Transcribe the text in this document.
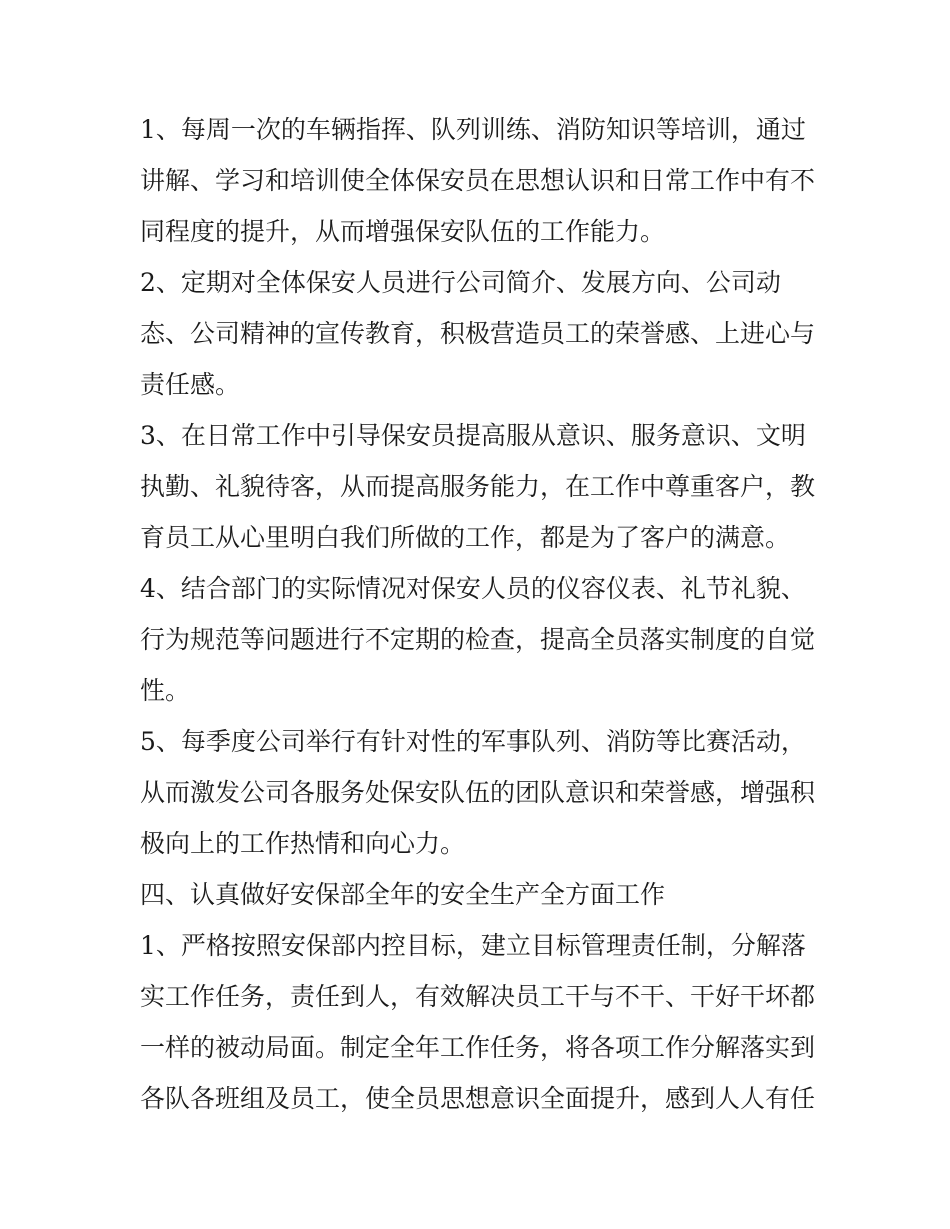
1、每周一次的车辆指挥、队列训练、消防知识等培训，通过
讲解、学习和培训使全体保安员在思想认识和日常工作中有不
同程度的提升，从而增强保安队伍的工作能力。
2、定期对全体保安人员进行公司简介、发展方向、公司动
态、公司精神的宣传教育，积极营造员工的荣誉感、上进心与
责任感。
3、在日常工作中引导保安员提高服从意识、服务意识、文明
执勤、礼貌待客，从而提高服务能力，在工作中尊重客户，教
育员工从心里明白我们所做的工作，都是为了客户的满意。
4、结合部门的实际情况对保安人员的仪容仪表、礼节礼貌、
行为规范等问题进行不定期的检查，提高全员落实制度的自觉
性。
5、每季度公司举行有针对性的军事队列、消防等比赛活动，
从而激发公司各服务处保安队伍的团队意识和荣誉感，增强积
极向上的工作热情和向心力。
四、认真做好安保部全年的安全生产全方面工作
1、严格按照安保部内控目标，建立目标管理责任制，分解落
实工作任务，责任到人，有效解决员工干与不干、干好干坏都
一样的被动局面。制定全年工作任务，将各项工作分解落实到
各队各班组及员工，使全员思想意识全面提升，感到人人有任
